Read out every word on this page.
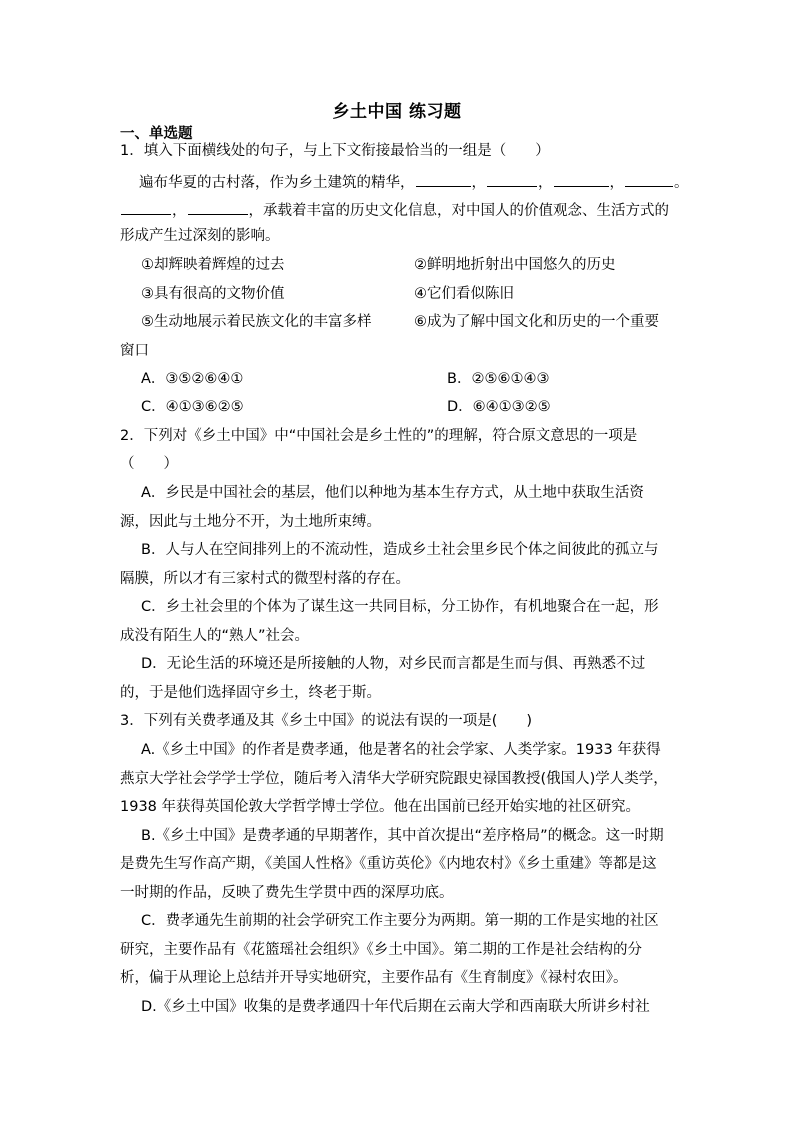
乡土中国 练习题
一、单选题
1．填入下面横线处的句子，与上下文衔接最恰当的一组是（　　）
遍布华夏的古村落，作为乡土建筑的精华，	，	，	，	。
，	，承载着丰富的历史文化信息，对中国人的价值观念、生活方式的
形成产生过深刻的影响。
①却辉映着辉煌的过去	②鲜明地折射出中国悠久的历史
③具有很高的文物价值	④它们看似陈旧
⑤生动地展示着民族文化的丰富多样	⑥成为了解中国文化和历史的一个重要
窗口
A．③⑤②⑥④①	B．②⑤⑥①④③
C．④①③⑥②⑤	D．⑥④①③②⑤
2．下列对《乡土中国》中“中国社会是乡土性的”的理解，符合原文意思的一项是
（　　）
A．乡民是中国社会的基层，他们以种地为基本生存方式，从土地中获取生活资
源，因此与土地分不开，为土地所束缚。
B．人与人在空间排列上的不流动性，造成乡土社会里乡民个体之间彼此的孤立与
隔膜，所以才有三家村式的微型村落的存在。
C．乡土社会里的个体为了谋生这一共同目标，分工协作，有机地聚合在一起，形
成没有陌生人的“熟人”社会。
D．无论生活的环境还是所接触的人物，对乡民而言都是生而与俱、再熟悉不过
的，于是他们选择固守乡土，终老于斯。
3．下列有关费孝通及其《乡土中国》的说法有误的一项是(　　)
A.《乡土中国》的作者是费孝通，他是著名的社会学家、人类学家。1933 年获得
燕京大学社会学学士学位，随后考入清华大学研究院跟史禄国教授(俄国人)学人类学，
1938 年获得英国伦敦大学哲学博士学位。他在出国前已经开始实地的社区研究。
B.《乡土中国》是费孝通的早期著作，其中首次提出“差序格局”的概念。这一时期
是费先生写作高产期，《美国人性格》《重访英伦》《内地农村》《乡土重建》等都是这
一时期的作品，反映了费先生学贯中西的深厚功底。
C．费孝通先生前期的社会学研究工作主要分为两期。第一期的工作是实地的社区
研究，主要作品有《花篮瑶社会组织》《乡土中国》。第二期的工作是社会结构的分
析，偏于从理论上总结并开导实地研究，主要作品有《生育制度》《禄村农田》。
D.《乡土中国》收集的是费孝通四十年代后期在云南大学和西南联大所讲乡村社
